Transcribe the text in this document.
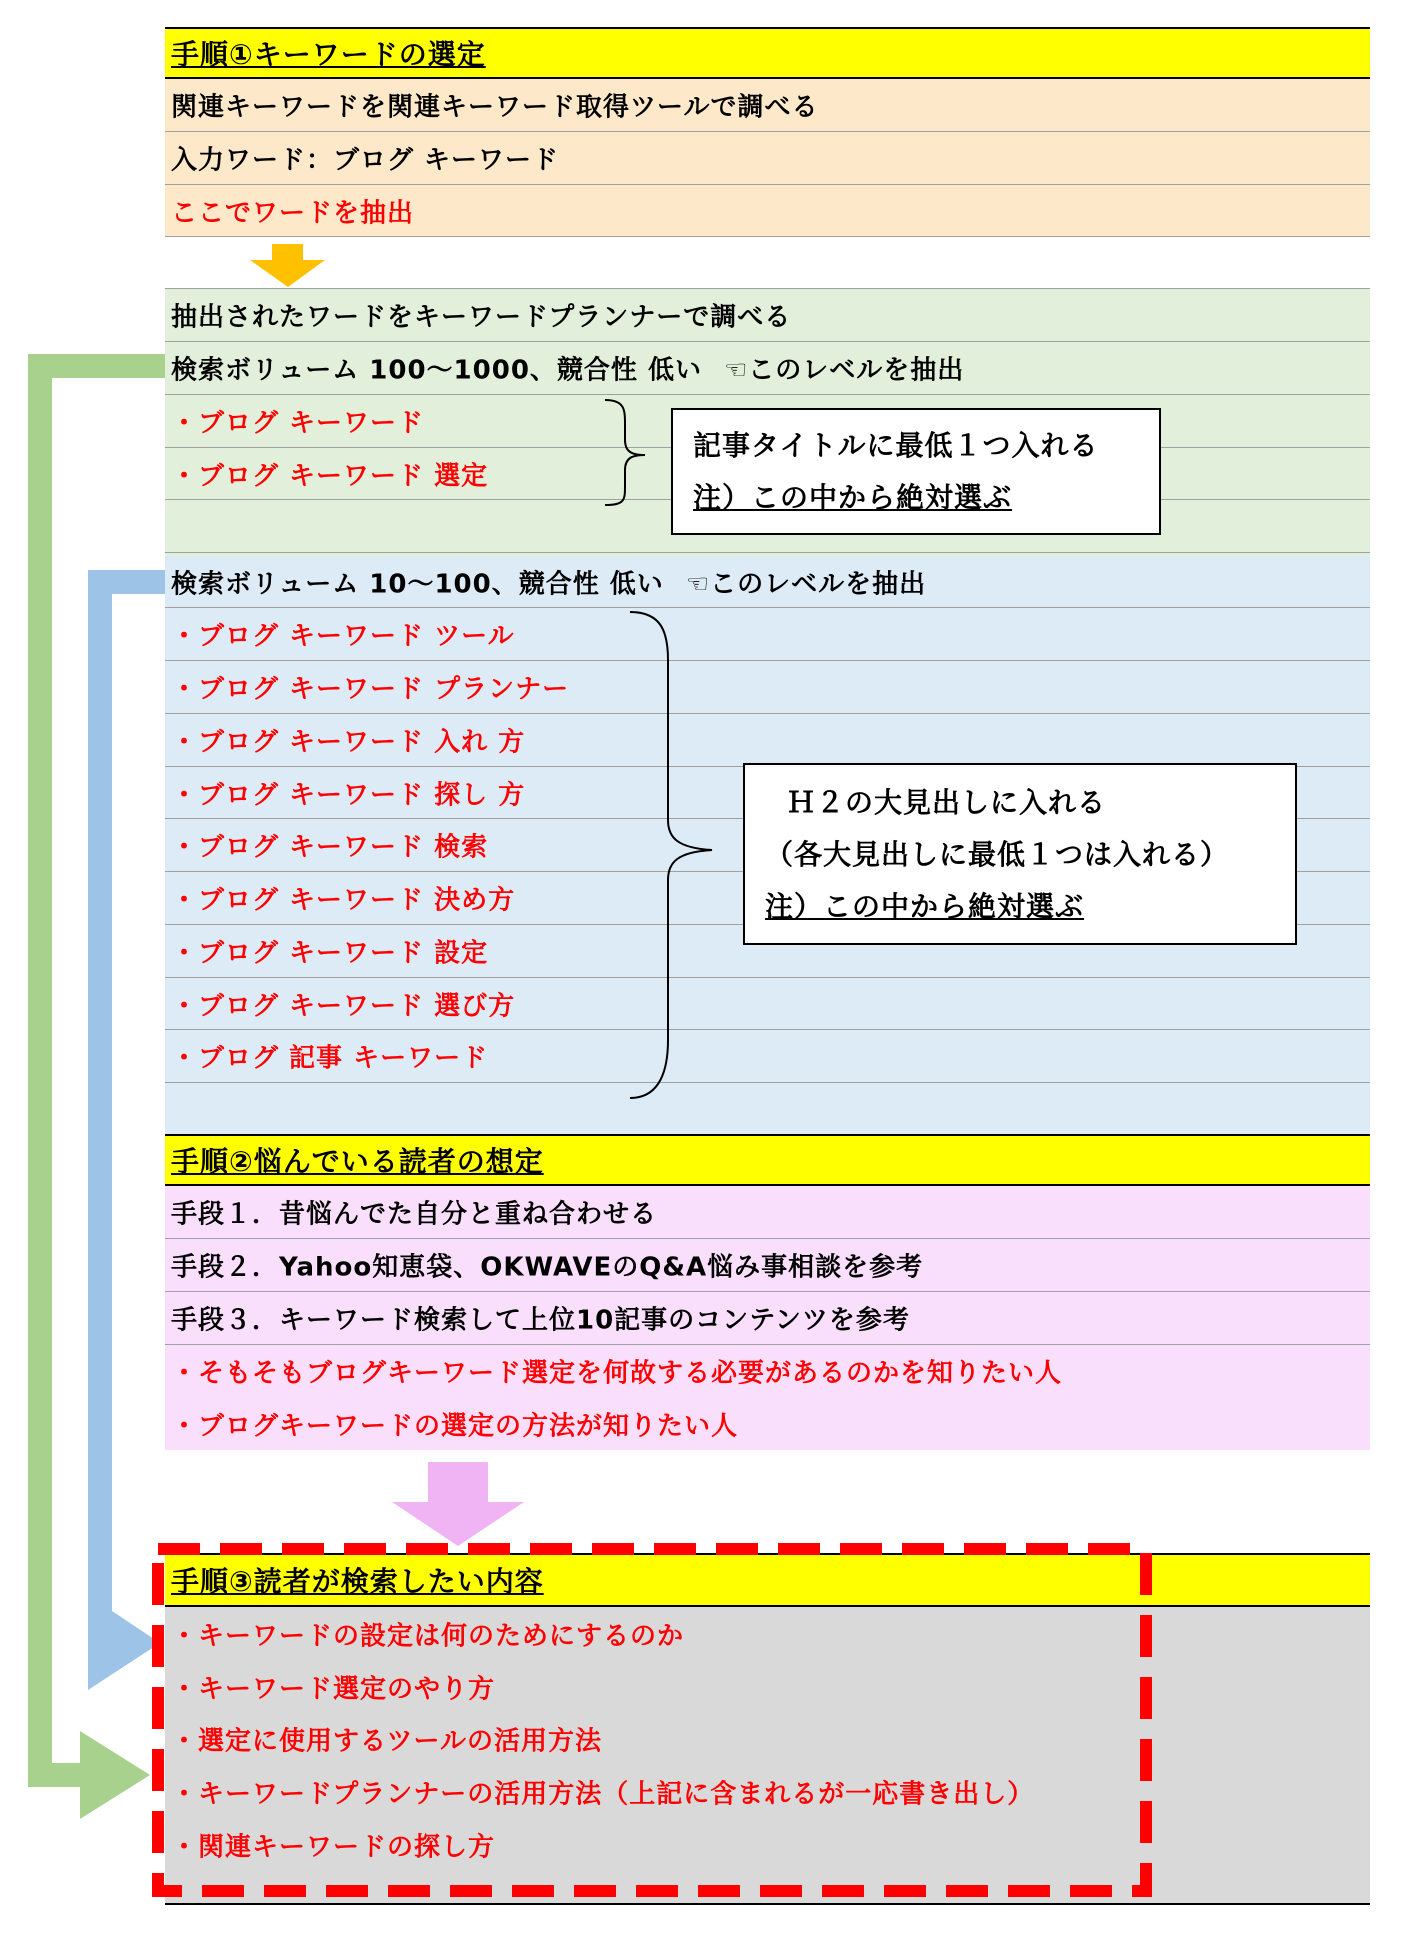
手順①キーワードの選定
関連キーワードを関連キーワード取得ツールで調べる
入力ワード：ブログ キーワード
ここでワードを抽出
抽出されたワードをキーワードプランナーで調べる
検索ボリューム 100～1000、競合性 低い ☜このレベルを抽出
・ブログ キーワード
・ブログ キーワード 選定
検索ボリューム 10～100、競合性 低い ☜このレベルを抽出
・ブログ キーワード ツール
・ブログ キーワード プランナー
・ブログ キーワード 入れ 方
・ブログ キーワード 探し 方
・ブログ キーワード 検索
・ブログ キーワード 決め方
・ブログ キーワード 設定
・ブログ キーワード 選び方
・ブログ 記事 キーワード
手順②悩んでいる読者の想定
手段１．昔悩んでた自分と重ね合わせる
手段２．Yahoo知恵袋、OKWAVEのQ&A悩み事相談を参考
手段３．キーワード検索して上位10記事のコンテンツを参考
・そもそもブログキーワード選定を何故する必要があるのかを知りたい人
・ブログキーワードの選定の方法が知りたい人
手順③読者が検索したい内容
・キーワードの設定は何のためにするのか
・キーワード選定のやり方
・選定に使用するツールの活用方法
・キーワードプランナーの活用方法（上記に含まれるが一応書き出し）
・関連キーワードの探し方
記事タイトルに最低１つ入れる
注）この中から絶対選ぶ
Ｈ２の大見出しに入れる
（各大見出しに最低１つは入れる）
注）この中から絶対選ぶ
